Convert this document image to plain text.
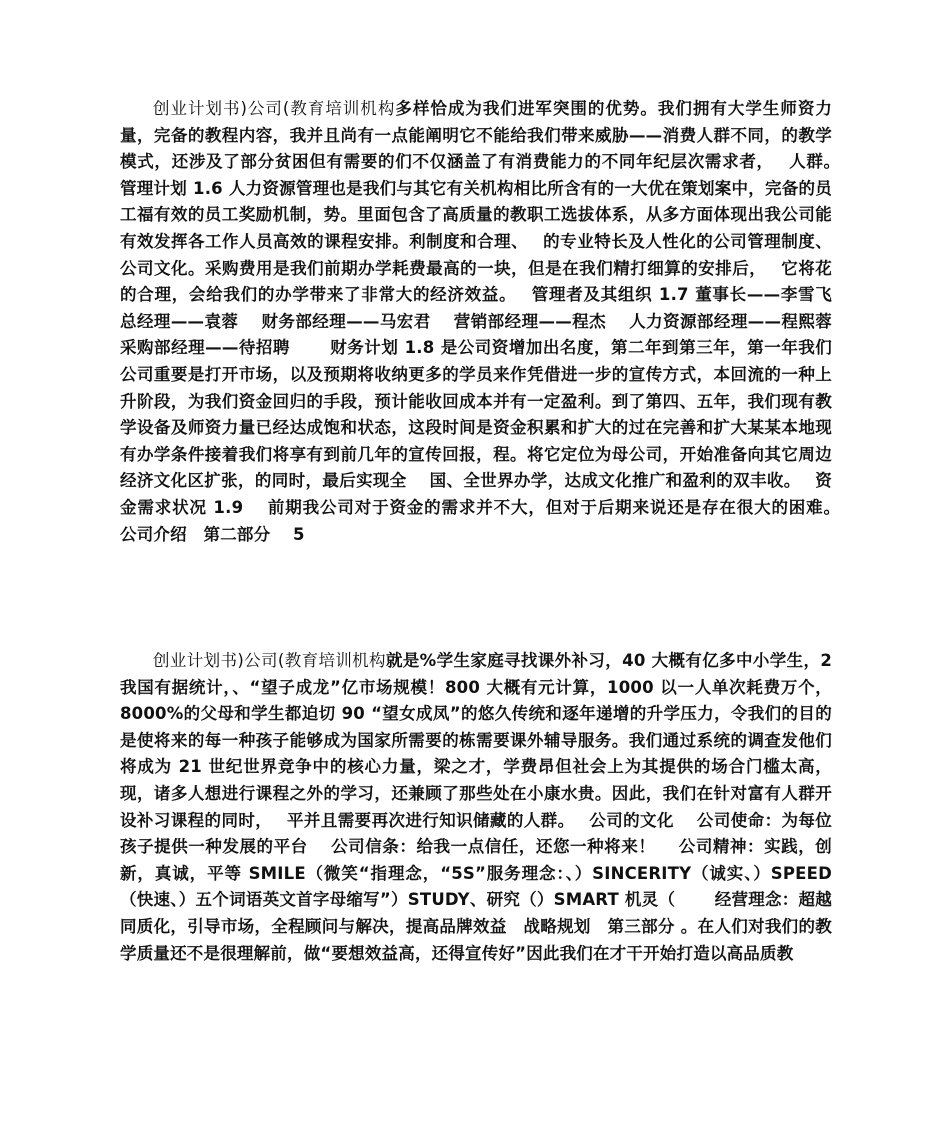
创业计划书)公司(教育培训机构多样恰成为我们进军突围的优势。我们拥有大学生师资力量，完备的教程内容，我并且尚有一点能阐明它不能给我们带来威胁——消费人群不同，的教学模式，还涉及了部分贫困但有需要的们不仅涵盖了有消费能力的不同年纪层次需求者，　 人群。　 管理计划 1.6 人力资源管理也是我们与其它有关机构相比所含有的一大优在策划案中，完备的员工福有效的员工奖励机制，势。里面包含了高质量的教职工选拔体系，从多方面体现出我公司能有效发挥各工作人员高效的课程安排。利制度和合理、　 的专业特长及人性化的公司管理制度、公司文化。采购费用是我们前期办学耗费最高的一块，但是在我们精打细算的安排后，　 它将花的合理，会给我们的办学带来了非常大的经济效益。　 管理者及其组织 1.7 董事长——李雪飞　 总经理——袁蓉　 财务部经理——马宏君　 营销部经理——程杰　 人力资源部经理——程熙蓉　 采购部经理——待招聘　　 财务计划 1.8 是公司资增加出名度，第二年到第三年，第一年我们公司重要是打开市场，以及预期将收纳更多的学员来作凭借进一步的宣传方式，本回流的一种上升阶段，为我们资金回归的手段，预计能收回成本并有一定盈利。到了第四、五年，我们现有教学设备及师资力量已经达成饱和状态，这段时间是资金积累和扩大的过在完善和扩大某某本地现有办学条件接着我们将享有到前几年的宣传回报，程。将它定位为母公司，开始准备向其它周边经济文化区扩张，的同时，最后实现全　 国、全世界办学，达成文化推广和盈利的双丰收。　 资金需求状况 1.9　 前期我公司对于资金的需求并不大，但对于后期来说还是存在很大的困难。　　　 公司介绍　第二部分　 5

创业计划书)公司(教育培训机构就是%学生家庭寻找课外补习，40 大概有亿多中小学生，2 我国有据统计，、“望子成龙”亿市场规模！800 大概有元计算，1000 以一人单次耗费万个，8000%的父母和学生都迫切 90 “望女成凤”的悠久传统和逐年递增的升学压力，令我们的目的是使将来的每一种孩子能够成为国家所需要的栋需要课外辅导服务。我们通过系统的调查发他们将成为 21 世纪世界竞争中的核心力量，梁之才，学费昂但社会上为其提供的场合门槛太高，现，诸多人想进行课程之外的学习，还兼顾了那些处在小康水贵。因此，我们在针对富有人群开设补习课程的同时，　 平并且需要再次进行知识储藏的人群。　 公司的文化　 公司使命：为每位孩子提供一种发展的平台　 公司信条：给我一点信任，还您一种将来！　 公司精神：实践，创新，真诚，平等 SMILE（微笑“指理念，“5S”服务理念：、）SINCERITY（诚实、）SPEED（快速、）五个词语英文首字母缩写”）STUDY、研究（）SMART 机灵（　　 经营理念：超越同质化，引导市场，全程顾问与解决，提高品牌效益　战略规划　第三部分 。在人们对我们的教学质量还不是很理解前，做“要想效益高，还得宣传好”因此我们在才干开始打造以高品质教
